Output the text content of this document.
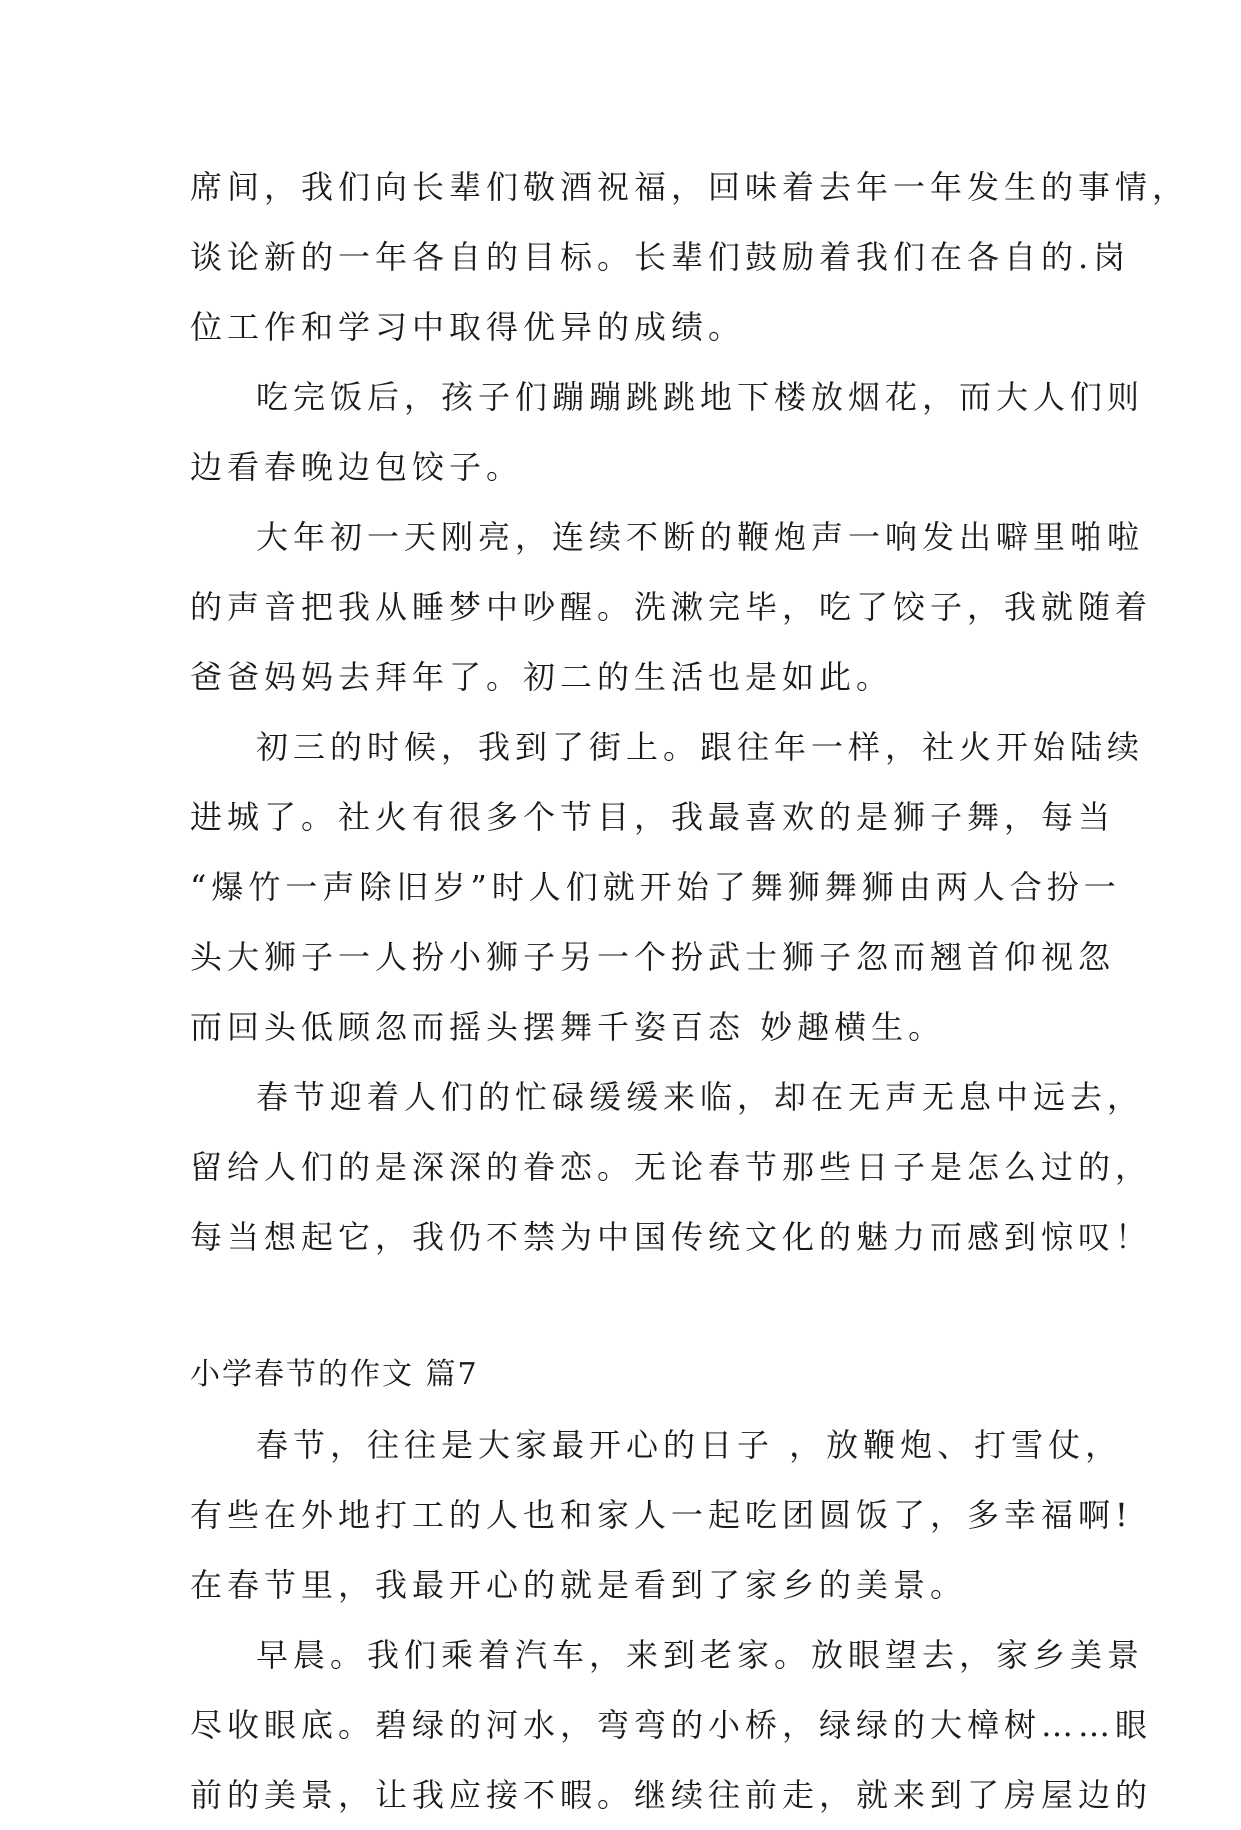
席间，我们向长辈们敬酒祝福，回味着去年一年发生的事情，
谈论新的一年各自的目标。长辈们鼓励着我们在各自的.岗
位工作和学习中取得优异的成绩。
吃完饭后，孩子们蹦蹦跳跳地下楼放烟花，而大人们则
边看春晚边包饺子。
大年初一天刚亮，连续不断的鞭炮声一响发出噼里啪啦
的声音把我从睡梦中吵醒。洗漱完毕，吃了饺子，我就随着
爸爸妈妈去拜年了。初二的生活也是如此。
初三的时候，我到了街上。跟往年一样，社火开始陆续
进城了。社火有很多个节目，我最喜欢的是狮子舞，每当
“爆竹一声除旧岁”时人们就开始了舞狮舞狮由两人合扮一
头大狮子一人扮小狮子另一个扮武士狮子忽而翘首仰视忽
而回头低顾忽而摇头摆舞千姿百态 妙趣横生。
春节迎着人们的忙碌缓缓来临，却在无声无息中远去，
留给人们的是深深的眷恋。无论春节那些日子是怎么过的，
每当想起它，我仍不禁为中国传统文化的魅力而感到惊叹！
小学春节的作文 篇7
春节，往往是大家最开心的日子 ，放鞭炮、打雪仗，
有些在外地打工的人也和家人一起吃团圆饭了，多幸福啊!
在春节里，我最开心的就是看到了家乡的美景。
早晨。我们乘着汽车，来到老家。放眼望去，家乡美景
尽收眼底。碧绿的河水，弯弯的小桥，绿绿的大樟树……眼
前的美景，让我应接不暇。继续往前走，就来到了房屋边的
